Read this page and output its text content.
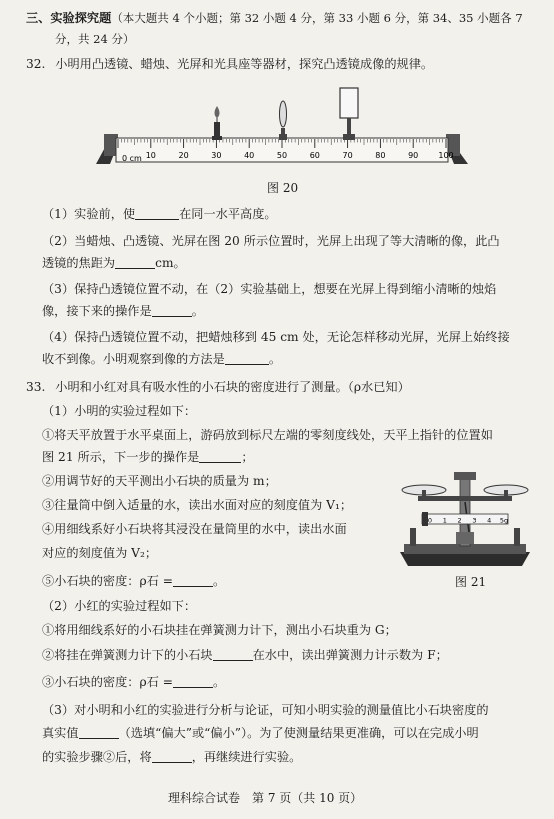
三、实验探究题（本大题共 4 个小题；第 32 小题 4 分，第 33 小题 6 分，第 34、35 小题各 7
分，共 24 分）
32. 小明用凸透镜、蜡烛、光屏和光具座等器材，探究凸透镜成像的规律。
0 cm 10	20	30	40	50	60	70	80	90	100
图 20
（1）实验前，使	在同一水平高度。
（2）当蜡烛、凸透镜、光屏在图 20 所示位置时，光屏上出现了等大清晰的像，此凸
透镜的焦距为	cm。
（3）保持凸透镜位置不动，在（2）实验基础上，想要在光屏上得到缩小清晰的烛焰
像，接下来的操作是	。
（4）保持凸透镜位置不动，把蜡烛移到 45 cm 处，无论怎样移动光屏，光屏上始终接
收不到像。小明观察到像的方法是	。
33. 小明和小红对具有吸水性的小石块的密度进行了测量。（ρ水已知）
（1）小明的实验过程如下：
①将天平放置于水平桌面上，游码放到标尺左端的零刻度线处，天平上指针的位置如
图 21 所示，下一步的操作是	；
②用调节好的天平测出小石块的质量为 m；
③往量筒中倒入适量的水，读出水面对应的刻度值为 V₁；
④用细线系好小石块将其浸没在量筒里的水中，读出水面
对应的刻度值为 V₂；
⑤小石块的密度：ρ石 =	。
0 1 2 3 4 5g
图 21
（2）小红的实验过程如下：
①将用细线系好的小石块挂在弹簧测力计下，测出小石块重为 G；
②将挂在弹簧测力计下的小石块	在水中，读出弹簧测力计示数为 F；
③小石块的密度：ρ石 =	。
（3）对小明和小红的实验进行分析与论证，可知小明实验的测量值比小石块密度的
真实值	（选填“偏大”或“偏小”）。为了使测量结果更准确，可以在完成小明
的实验步骤②后，将	，再继续进行实验。
理科综合试卷　第 7 页（共 10 页）
